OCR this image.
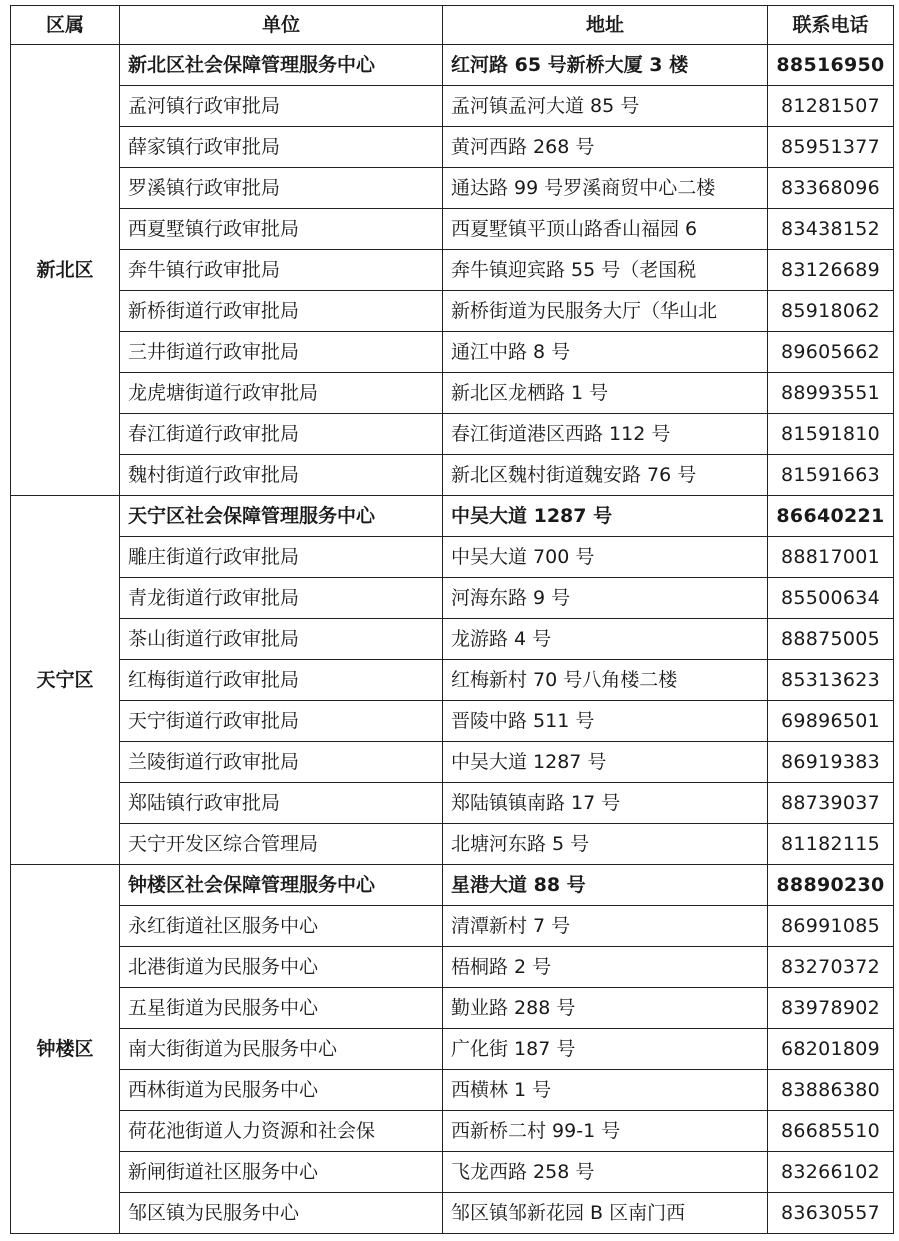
区属	单位	地址	联系电话
新北区	新北区社会保障管理服务中心	红河路 65 号新桥大厦 3 楼	88516950
	孟河镇行政审批局	孟河镇孟河大道 85 号	81281507
	薛家镇行政审批局	黄河西路 268 号	85951377
	罗溪镇行政审批局	通达路 99 号罗溪商贸中心二楼	83368096
	西夏墅镇行政审批局	西夏墅镇平顶山路香山福园 6	83438152
	奔牛镇行政审批局	奔牛镇迎宾路 55 号（老国税	83126689
	新桥街道行政审批局	新桥街道为民服务大厅（华山北	85918062
	三井街道行政审批局	通江中路 8 号	89605662
	龙虎塘街道行政审批局	新北区龙栖路 1 号	88993551
	春江街道行政审批局	春江街道港区西路 112 号	81591810
	魏村街道行政审批局	新北区魏村街道魏安路 76 号	81591663
天宁区	天宁区社会保障管理服务中心	中吴大道 1287 号	86640221
	雕庄街道行政审批局	中吴大道 700 号	88817001
	青龙街道行政审批局	河海东路 9 号	85500634
	茶山街道行政审批局	龙游路 4 号	88875005
	红梅街道行政审批局	红梅新村 70 号八角楼二楼	85313623
	天宁街道行政审批局	晋陵中路 511 号	69896501
	兰陵街道行政审批局	中吴大道 1287 号	86919383
	郑陆镇行政审批局	郑陆镇镇南路 17 号	88739037
	天宁开发区综合管理局	北塘河东路 5 号	81182115
钟楼区	钟楼区社会保障管理服务中心	星港大道 88 号	88890230
	永红街道社区服务中心	清潭新村 7 号	86991085
	北港街道为民服务中心	梧桐路 2 号	83270372
	五星街道为民服务中心	勤业路 288 号	83978902
	南大街街道为民服务中心	广化街 187 号	68201809
	西林街道为民服务中心	西横林 1 号	83886380
	荷花池街道人力资源和社会保	西新桥二村 99-1 号	86685510
	新闸街道社区服务中心	飞龙西路 258 号	83266102
	邹区镇为民服务中心	邹区镇邹新花园 B 区南门西	83630557
